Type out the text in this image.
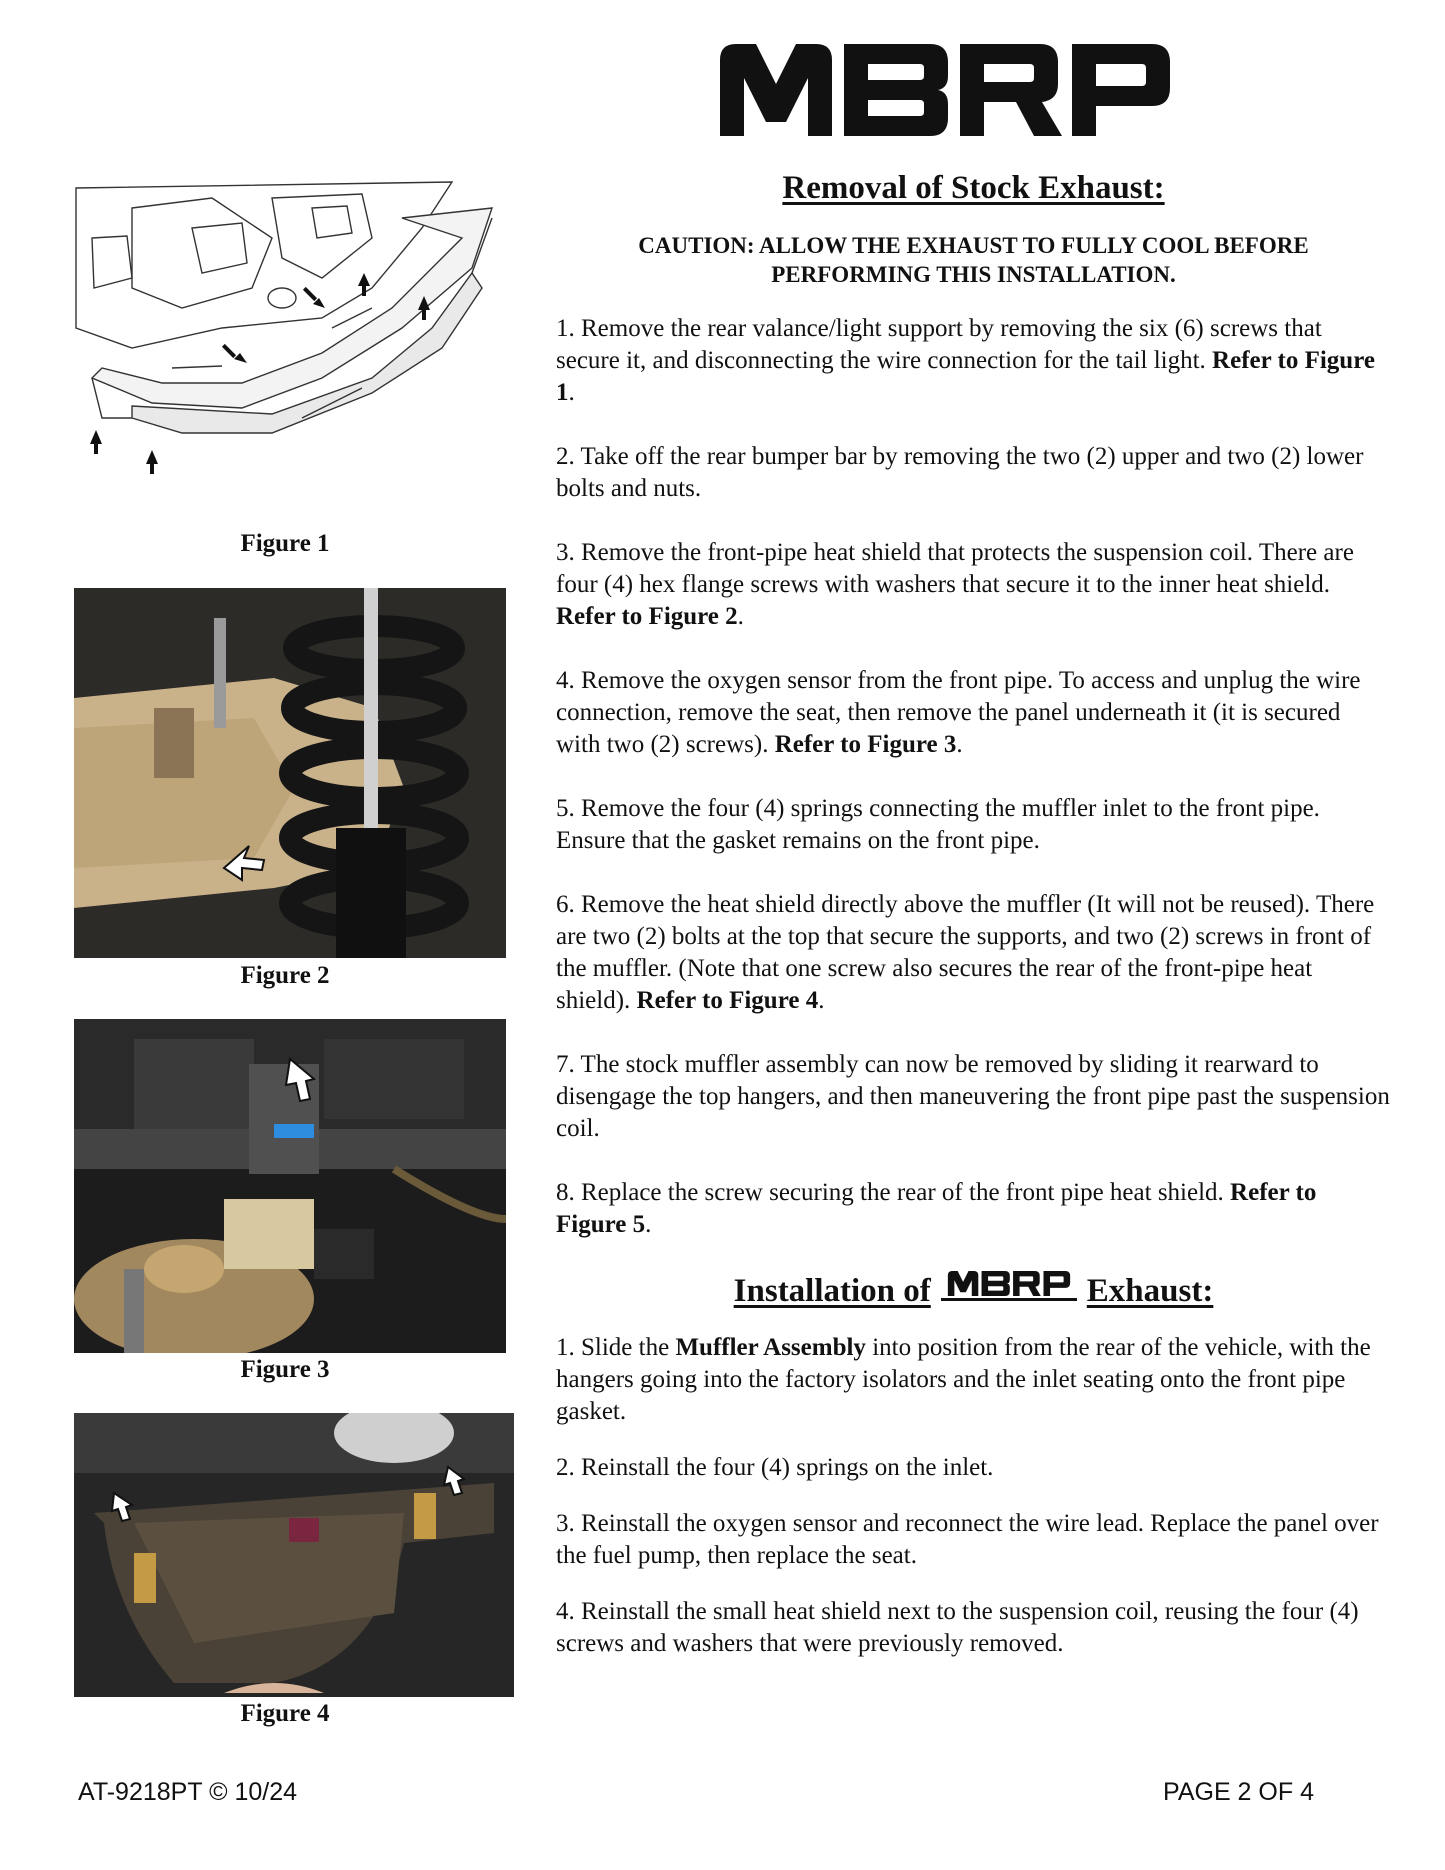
Figure 1
Figure 2
Figure 3
Figure 4
Removal of Stock Exhaust:

CAUTION: ALLOW THE EXHAUST TO FULLY COOL BEFORE PERFORMING THIS INSTALLATION.

1. Remove the rear valance/light support by removing the six (6) screws that secure it, and disconnecting the wire connection for the tail light. Refer to Figure 1.

2. Take off the rear bumper bar by removing the two (2) upper and two (2) lower bolts and nuts.

3. Remove the front-pipe heat shield that protects the suspension coil. There are four (4) hex flange screws with washers that secure it to the inner heat shield. Refer to Figure 2.

4. Remove the oxygen sensor from the front pipe. To access and unplug the wire connection, remove the seat, then remove the panel underneath it (it is secured with two (2) screws). Refer to Figure 3.

5. Remove the four (4) springs connecting the muffler inlet to the front pipe. Ensure that the gasket remains on the front pipe.

6. Remove the heat shield directly above the muffler (It will not be reused). There are two (2) bolts at the top that secure the supports, and two (2) screws in front of the muffler. (Note that one screw also secures the rear of the front-pipe heat shield). Refer to Figure 4.

7. The stock muffler assembly can now be removed by sliding it rearward to disengage the top hangers, and then maneuvering the front pipe past the suspension coil.

8. Replace the screw securing the rear of the front pipe heat shield. Refer to Figure 5.

Installation of	Exhaust:

1. Slide the Muffler Assembly into position from the rear of the vehicle, with the hangers going into the factory isolators and the inlet seating onto the front pipe gasket.

2. Reinstall the four (4) springs on the inlet.

3. Reinstall the oxygen sensor and reconnect the wire lead. Replace the panel over the fuel pump, then replace the seat.

4. Reinstall the small heat shield next to the suspension coil, reusing the four (4) screws and washers that were previously removed.

AT-9218PT © 10/24	PAGE 2 OF 4
